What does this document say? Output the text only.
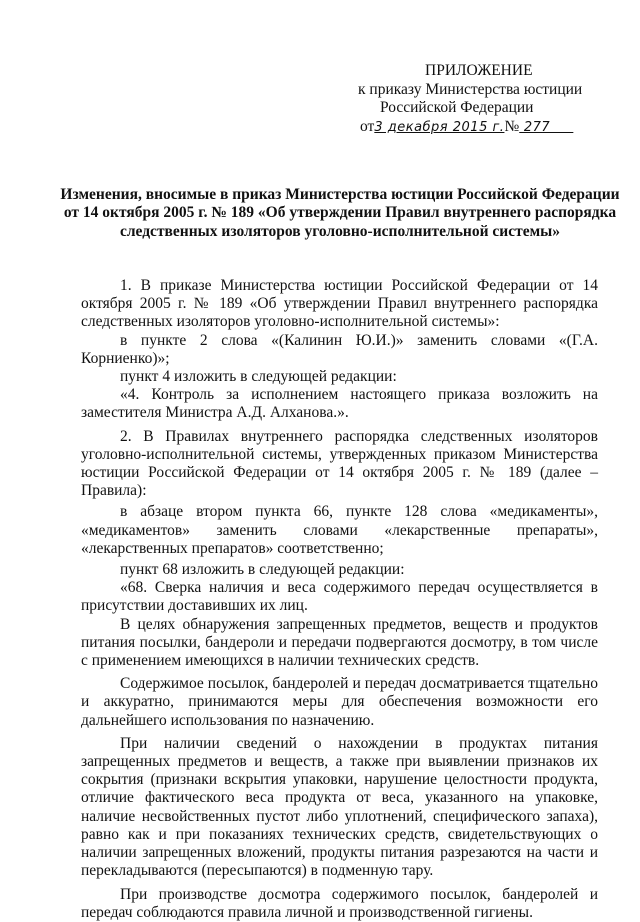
ПРИЛОЖЕНИЕ
к приказу Министерства юстиции
Российской Федерации
от3 декабря 2015 г.№ 277
Изменения, вносимые в приказ Министерства юстиции Российской Федерации
от 14 октября 2005 г. № 189 «Об утверждении Правил внутреннего распорядка
следственных изоляторов уголовно-исполнительной системы»

1. В приказе Министерства юстиции Российской Федерации от 14 октября 2005 г. № 189 «Об утверждении Правил внутреннего распорядка следственных изоляторов уголовно-исполнительной системы»:

в пункте 2 слова «(Калинин Ю.И.)» заменить словами «(Г.А. Корниенко)»;

пункт 4 изложить в следующей редакции:

«4. Контроль за исполнением настоящего приказа возложить на заместителя Министра А.Д. Алханова.».

2. В Правилах внутреннего распорядка следственных изоляторов уголовно-исполнительной системы, утвержденных приказом Министерства юстиции Российской Федерации от 14 октября 2005 г. № 189 (далее – Правила):

в абзаце втором пункта 66, пункте 128 слова «медикаменты», «медикаментов» заменить словами «лекарственные препараты», «лекарственных препаратов» соответственно;

пункт 68 изложить в следующей редакции:

«68. Сверка наличия и веса содержимого передач осуществляется в присутствии доставивших их лиц.

В целях обнаружения запрещенных предметов, веществ и продуктов питания посылки, бандероли и передачи подвергаются досмотру, в том числе с применением имеющихся в наличии технических средств.

Содержимое посылок, бандеролей и передач досматривается тщательно и аккуратно, принимаются меры для обеспечения возможности его дальнейшего использования по назначению.

При наличии сведений о нахождении в продуктах питания запрещенных предметов и веществ, а также при выявлении признаков их сокрытия (признаки вскрытия упаковки, нарушение целостности продукта, отличие фактического веса продукта от веса, указанного на упаковке, наличие несвойственных пустот либо уплотнений, специфического запаха), равно как и при показаниях технических средств, свидетельствующих о наличии запрещенных вложений, продукты питания разрезаются на части и перекладываются (пересыпаются) в подменную тару.

При производстве досмотра содержимого посылок, бандеролей и передач соблюдаются правила личной и производственной гигиены.
